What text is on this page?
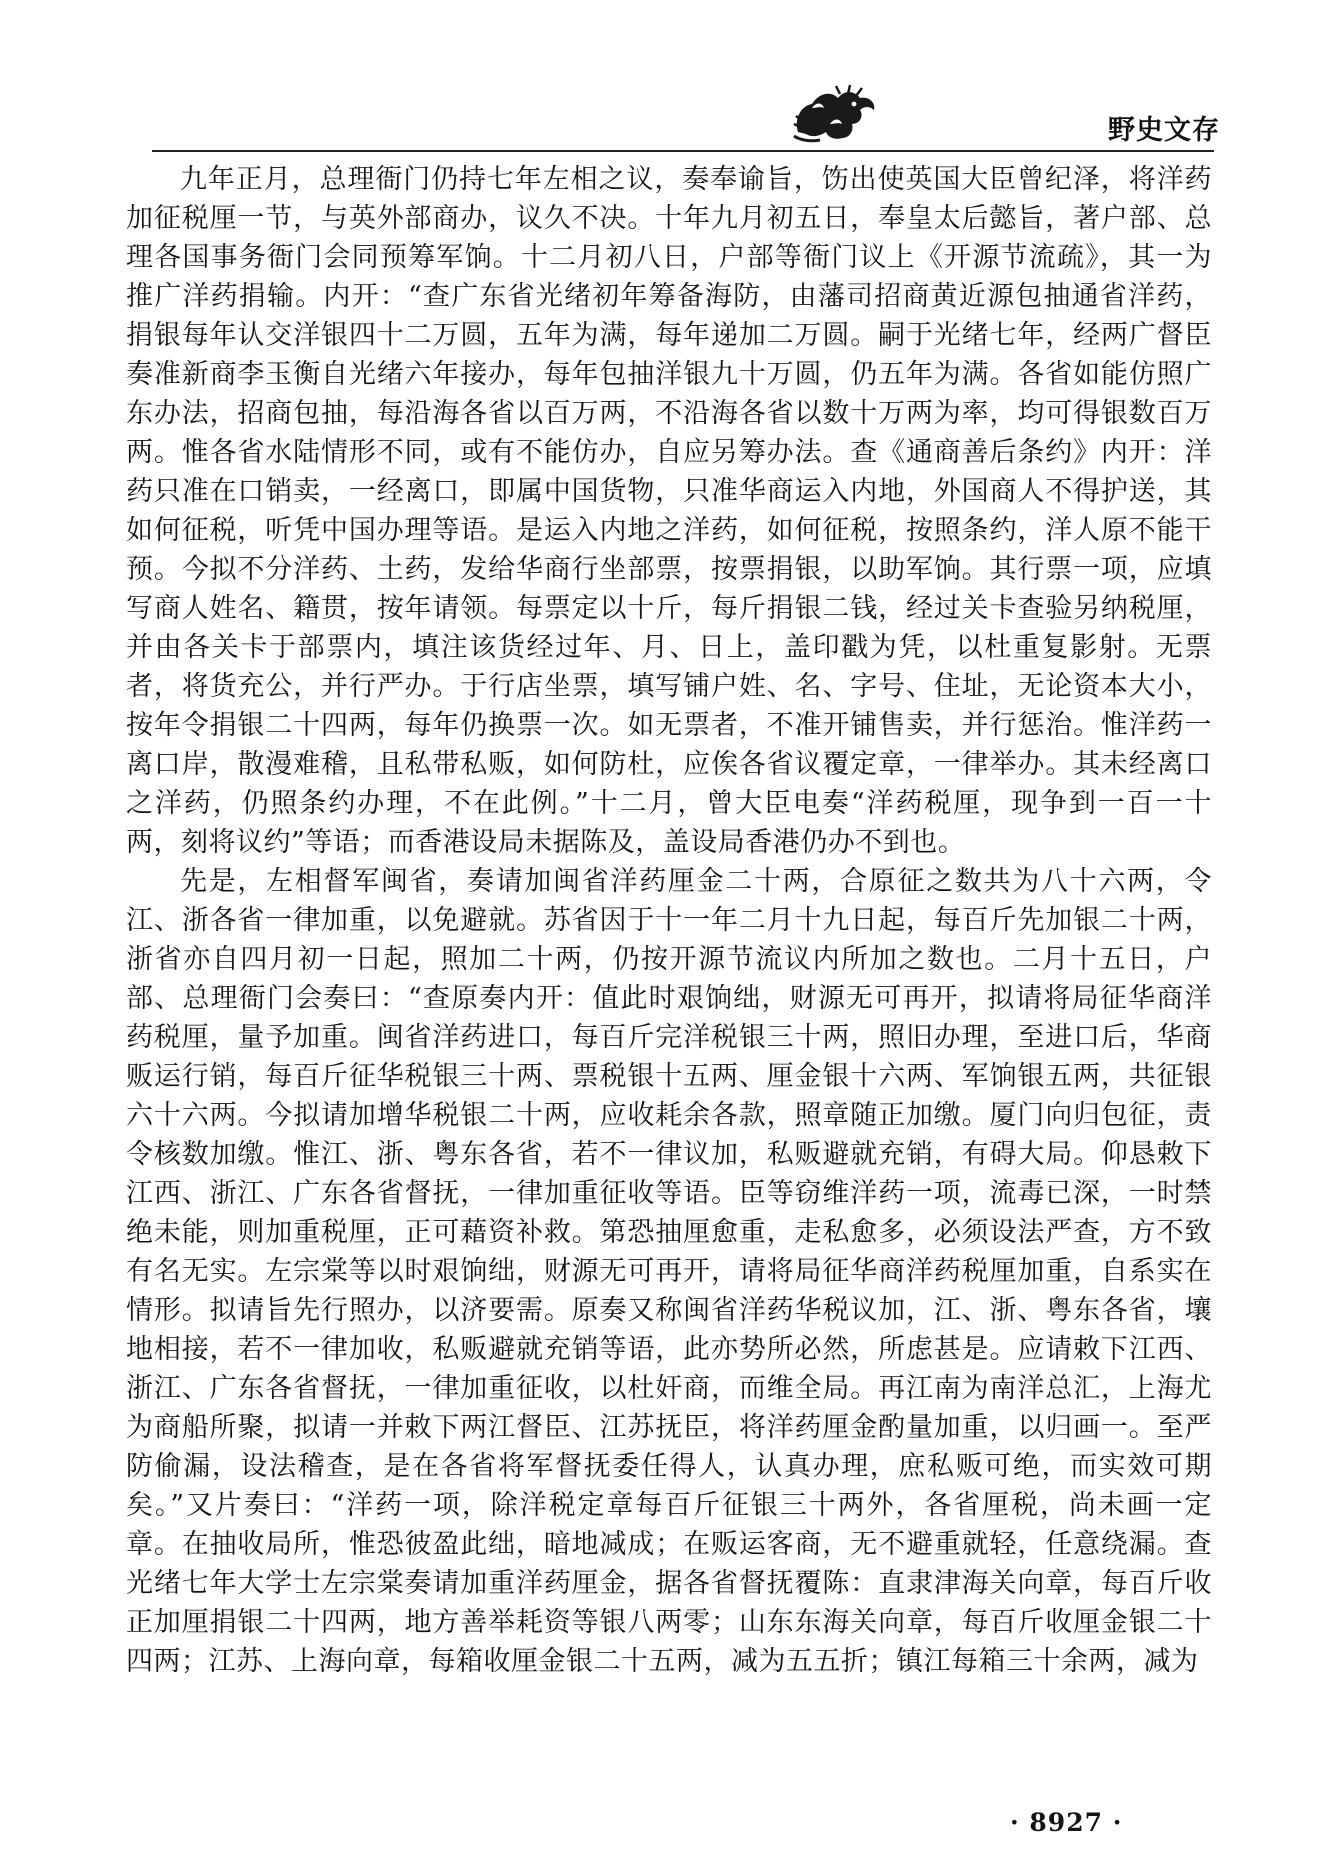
野史文存

九年正月，总理衙门仍持七年左相之议，奏奉谕旨，饬出使英国大臣曾纪泽，将洋药加征税厘一节，与英外部商办，议久不决。十年九月初五日，奉皇太后懿旨，著户部、总理各国事务衙门会同预筹军饷。十二月初八日，户部等衙门议上《开源节流疏》，其一为推广洋药捐输。内开：“查广东省光绪初年筹备海防，由藩司招商黄近源包抽通省洋药，捐银每年认交洋银四十二万圆，五年为满，每年递加二万圆。嗣于光绪七年，经两广督臣奏准新商李玉衡自光绪六年接办，每年包抽洋银九十万圆，仍五年为满。各省如能仿照广东办法，招商包抽，每沿海各省以百万两，不沿海各省以数十万两为率，均可得银数百万两。惟各省水陆情形不同，或有不能仿办，自应另筹办法。查《通商善后条约》内开：洋药只准在口销卖，一经离口，即属中国货物，只准华商运入内地，外国商人不得护送，其如何征税，听凭中国办理等语。是运入内地之洋药，如何征税，按照条约，洋人原不能干预。今拟不分洋药、土药，发给华商行坐部票，按票捐银，以助军饷。其行票一项，应填写商人姓名、籍贯，按年请领。每票定以十斤，每斤捐银二钱，经过关卡查验另纳税厘，并由各关卡于部票内，填注该货经过年、月、日上，盖印戳为凭，以杜重复影射。无票者，将货充公，并行严办。于行店坐票，填写铺户姓、名、字号、住址，无论资本大小，按年令捐银二十四两，每年仍换票一次。如无票者，不准开铺售卖，并行惩治。惟洋药一离口岸，散漫难稽，且私带私贩，如何防杜，应俟各省议覆定章，一律举办。其未经离口之洋药，仍照条约办理，不在此例。”十二月，曾大臣电奏“洋药税厘，现争到一百一十两，刻将议约”等语；而香港设局未据陈及，盖设局香港仍办不到也。

先是，左相督军闽省，奏请加闽省洋药厘金二十两，合原征之数共为八十六两，令江、浙各省一律加重，以免避就。苏省因于十一年二月十九日起，每百斤先加银二十两，浙省亦自四月初一日起，照加二十两，仍按开源节流议内所加之数也。二月十五日，户部、总理衙门会奏曰：“查原奏内开：值此时艰饷绌，财源无可再开，拟请将局征华商洋药税厘，量予加重。闽省洋药进口，每百斤完洋税银三十两，照旧办理，至进口后，华商贩运行销，每百斤征华税银三十两、票税银十五两、厘金银十六两、军饷银五两，共征银六十六两。今拟请加增华税银二十两，应收耗余各款，照章随正加缴。厦门向归包征，责令核数加缴。惟江、浙、粤东各省，若不一律议加，私贩避就充销，有碍大局。仰恳敕下江西、浙江、广东各省督抚，一律加重征收等语。臣等窃维洋药一项，流毒已深，一时禁绝未能，则加重税厘，正可藉资补救。第恐抽厘愈重，走私愈多，必须设法严查，方不致有名无实。左宗棠等以时艰饷绌，财源无可再开，请将局征华商洋药税厘加重，自系实在情形。拟请旨先行照办，以济要需。原奏又称闽省洋药华税议加，江、浙、粤东各省，壤地相接，若不一律加收，私贩避就充销等语，此亦势所必然，所虑甚是。应请敕下江西、浙江、广东各省督抚，一律加重征收，以杜奸商，而维全局。再江南为南洋总汇，上海尤为商船所聚，拟请一并敕下两江督臣、江苏抚臣，将洋药厘金酌量加重，以归画一。至严防偷漏，设法稽查，是在各省将军督抚委任得人，认真办理，庶私贩可绝，而实效可期矣。”又片奏曰：“洋药一项，除洋税定章每百斤征银三十两外，各省厘税，尚未画一定章。在抽收局所，惟恐彼盈此绌，暗地减成；在贩运客商，无不避重就轻，任意绕漏。查光绪七年大学士左宗棠奏请加重洋药厘金，据各省督抚覆陈：直隶津海关向章，每百斤收正加厘捐银二十四两，地方善举耗资等银八两零；山东东海关向章，每百斤收厘金银二十四两；江苏、上海向章，每箱收厘金银二十五两，减为五五折；镇江每箱三十余两，减为

· 8927 ·
